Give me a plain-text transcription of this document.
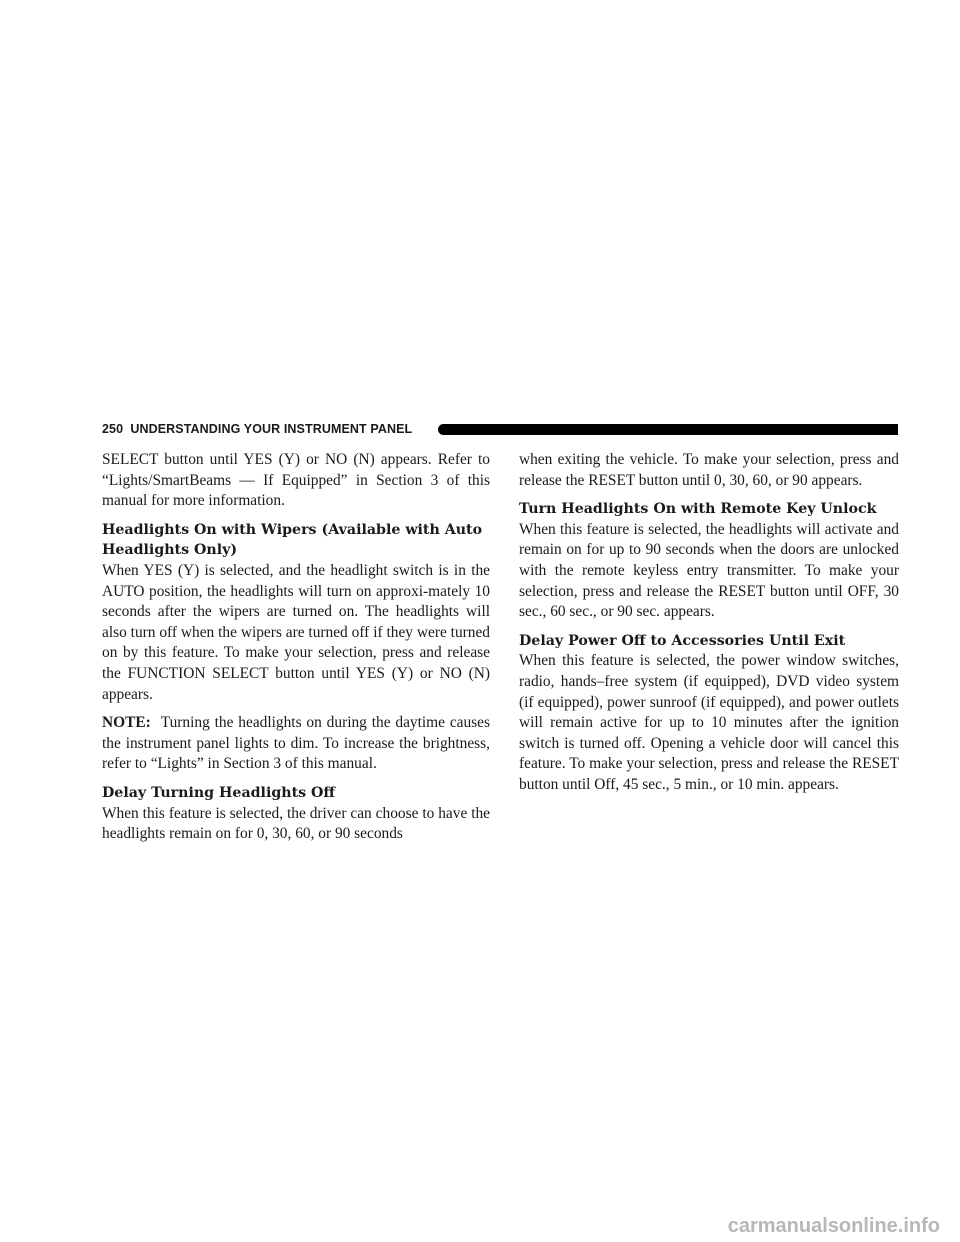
250 UNDERSTANDING YOUR INSTRUMENT PANEL

SELECT button until YES (Y) or NO (N) appears. Refer to “Lights/SmartBeams — If Equipped” in Section 3 of this manual for more information.

Headlights On with Wipers (Available with Auto Headlights Only)

When YES (Y) is selected, and the headlight switch is in the AUTO position, the headlights will turn on approxi-mately 10 seconds after the wipers are turned on. The headlights will also turn off when the wipers are turned off if they were turned on by this feature. To make your selection, press and release the FUNCTION SELECT button until YES (Y) or NO (N) appears.

NOTE: Turning the headlights on during the daytime causes the instrument panel lights to dim. To increase the brightness, refer to “Lights” in Section 3 of this manual.

Delay Turning Headlights Off

When this feature is selected, the driver can choose to have the headlights remain on for 0, 30, 60, or 90 seconds

when exiting the vehicle. To make your selection, press and release the RESET button until 0, 30, 60, or 90 appears.

Turn Headlights On with Remote Key Unlock

When this feature is selected, the headlights will activate and remain on for up to 90 seconds when the doors are unlocked with the remote keyless entry transmitter. To make your selection, press and release the RESET button until OFF, 30 sec., 60 sec., or 90 sec. appears.

Delay Power Off to Accessories Until Exit

When this feature is selected, the power window switches, radio, hands–free system (if equipped), DVD video system (if equipped), power sunroof (if equipped), and power outlets will remain active for up to 10 minutes after the ignition switch is turned off. Opening a vehicle door will cancel this feature. To make your selection, press and release the RESET button until Off, 45 sec., 5 min., or 10 min. appears.

carmanualsonline.info
